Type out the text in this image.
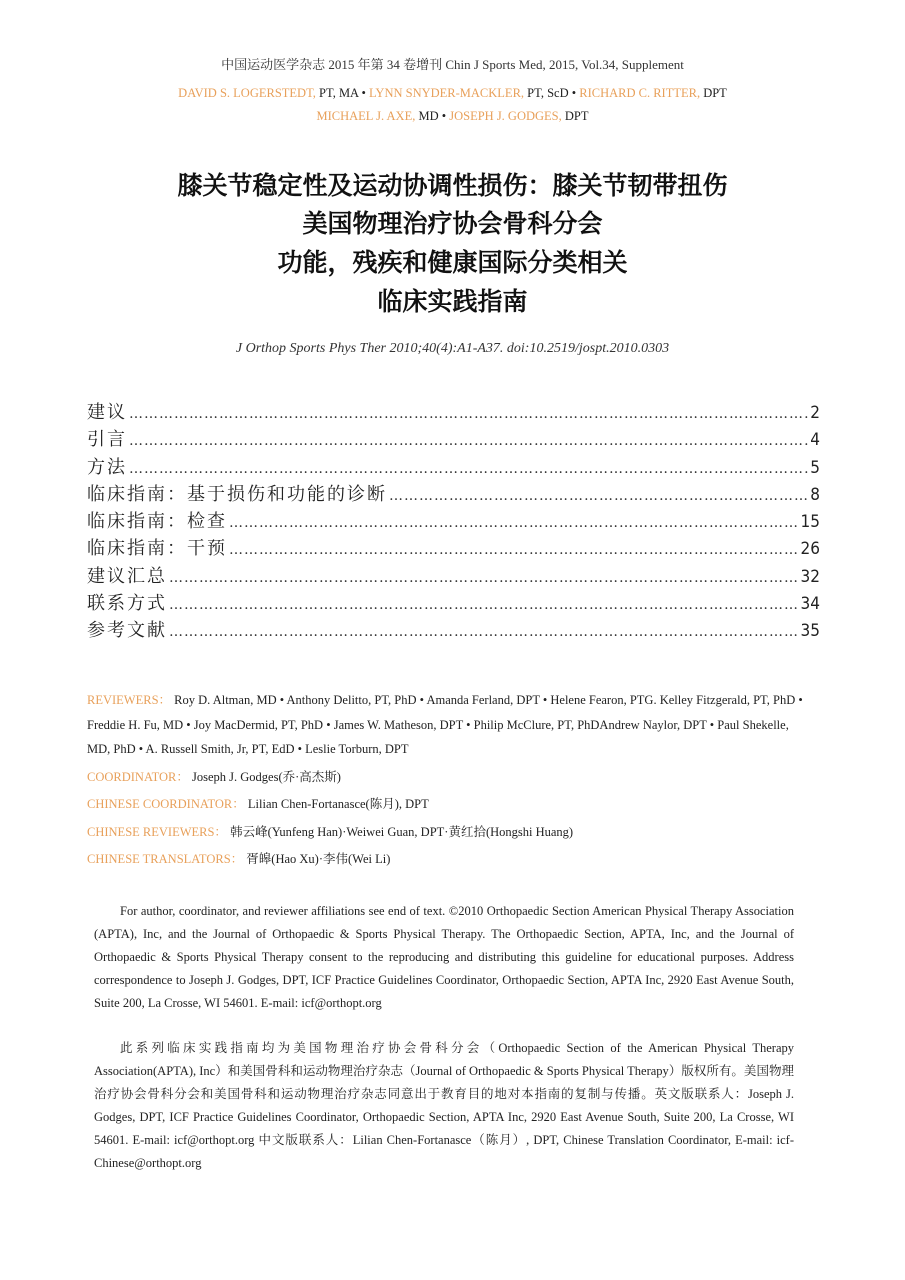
中国运动医学杂志 2015 年第 34 卷增刊 Chin J Sports Med, 2015, Vol.34, Supplement
DAVID S. LOGERSTEDT, PT, MA • LYNN SNYDER-MACKLER, PT, ScD • RICHARD C. RITTER, DPT
MICHAEL J. AXE, MD • JOSEPH J. GODGES, DPT
膝关节稳定性及运动协调性损伤：膝关节韧带扭伤
美国物理治疗协会骨科分会
功能，残疾和健康国际分类相关
临床实践指南
J Orthop Sports Phys Ther 2010;40(4):A1-A37. doi:10.2519/jospt.2010.0303
建议 …………………………………………………………………………………………………………………………………………………………	2
引言 …………………………………………………………………………………………………………………………………………………………	4
方法 …………………………………………………………………………………………………………………………………………………………	5
临床指南：基于损伤和功能的诊断 …………………………………………………………………………………………………………………………………………………………	8
临床指南：检查 …………………………………………………………………………………………………………………………………………………………	15
临床指南：干预 …………………………………………………………………………………………………………………………………………………………	26
建议汇总 …………………………………………………………………………………………………………………………………………………………	32
联系方式 …………………………………………………………………………………………………………………………………………………………	34
参考文献 …………………………………………………………………………………………………………………………………………………………	35
REVIEWERS： Roy D. Altman, MD • Anthony Delitto, PT, PhD • Amanda Ferland, DPT • Helene Fearon, PTG. Kelley Fitzgerald, PT, PhD • Freddie H. Fu, MD • Joy MacDermid, PT, PhD • James W. Matheson, DPT • Philip McClure, PT, PhDAndrew Naylor, DPT • Paul Shekelle, MD, PhD • A. Russell Smith, Jr, PT, EdD • Leslie Torburn, DPT
COORDINATOR： Joseph J. Godges(乔·高杰斯)
CHINESE COORDINATOR： Lilian Chen-Fortanasce(陈月), DPT
CHINESE REVIEWERS： 韩云峰(Yunfeng Han)·Weiwei Guan, DPT·黄红拾(Hongshi Huang)
CHINESE TRANSLATORS： 胥皞(Hao Xu)·李伟(Wei Li)
For author, coordinator, and reviewer affiliations see end of text. ©2010 Orthopaedic Section American Physical Therapy Association (APTA), Inc, and the Journal of Orthopaedic & Sports Physical Therapy. The Orthopaedic Section, APTA, Inc, and the Journal of Orthopaedic & Sports Physical Therapy consent to the reproducing and distributing this guideline for educational purposes. Address correspondence to Joseph J. Godges, DPT, ICF Practice Guidelines Coordinator, Orthopaedic Section, APTA Inc, 2920 East Avenue South, Suite 200, La Crosse, WI 54601. E-mail: icf@orthopt.org
此系列临床实践指南均为美国物理治疗协会骨科分会（Orthopaedic Section of the American Physical Therapy Association(APTA), Inc）和美国骨科和运动物理治疗杂志（Journal of Orthopaedic & Sports Physical Therapy）版权所有。美国物理治疗协会骨科分会和美国骨科和运动物理治疗杂志同意出于教育目的地对本指南的复制与传播。英文版联系人：Joseph J. Godges, DPT, ICF Practice Guidelines Coordinator, Orthopaedic Section, APTA Inc, 2920 East Avenue South, Suite 200, La Crosse, WI 54601. E-mail: icf@orthopt.org 中文版联系人：Lilian Chen-Fortanasce（陈月）, DPT, Chinese Translation Coordinator, E-mail: icf-Chinese@orthopt.org
